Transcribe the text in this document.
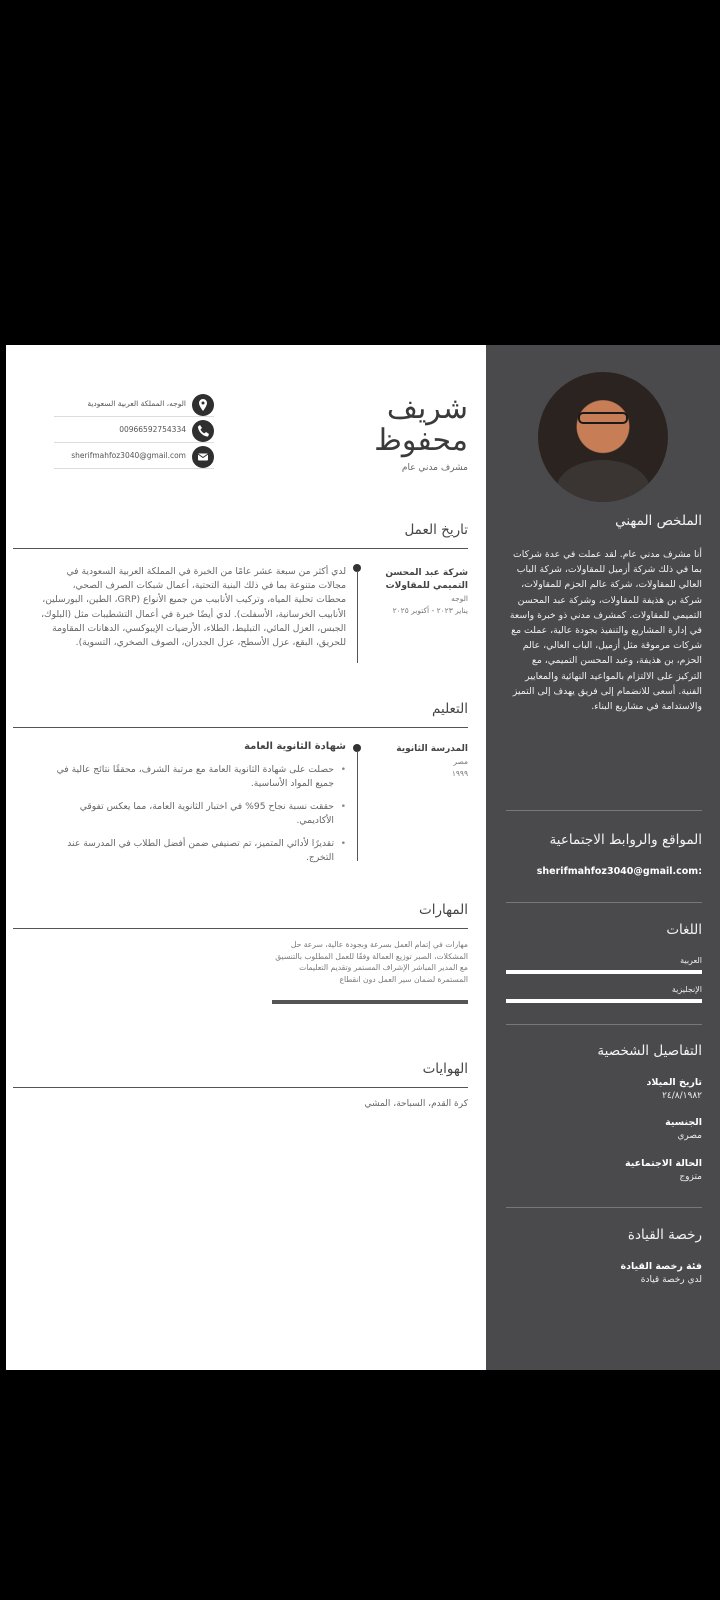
شريف محفوظ
مشرف مدني عام
الوجه، المملكة العربية السعودية
00966592754334
sherifmahfoz3040@gmail.com
تاريخ العمل
شركة عبد المحسن التميمي للمقاولات
الوجه
يناير ٢٠٢٣ - أكتوبر ٢٠٢٥
لدي أكثر من سبعة عشر عامًا من الخبرة في المملكة العربية السعودية في مجالات متنوعة بما في ذلك البنية التحتية، أعمال شبكات الصرف الصحي، محطات تحلية المياه، وتركيب الأنابيب من جميع الأنواع (GRP، الطين، البورسلين، الأنابيب الخرسانية، الأسفلت). لدي أيضًا خبرة في أعمال التشطيبات مثل (البلوك، الجبس، العزل المائي، التبليط، الطلاء، الأرضيات الإيبوكسي، الدهانات المقاومة للحريق، البقع، عزل الأسطح، عزل الجدران، الصوف الصخري، التسوية).
التعليم
المدرسة الثانوية
مصر
١٩٩٩
شهادة الثانوية العامة
• حصلت على شهادة الثانوية العامة مع مرتبة الشرف، محققًا نتائج عالية في جميع المواد الأساسية.
• حققت نسبة نجاح 95% في اختبار الثانوية العامة، مما يعكس تفوقي الأكاديمي.
• تقديرًا لأدائي المتميز، تم تصنيفي ضمن أفضل الطلاب في المدرسة عند التخرج.
المهارات
مهارات في إتمام العمل بسرعة وبجودة عالية، سرعة حل المشكلات، الصبر توزيع العمالة وفقًا للعمل المطلوب بالتنسيق مع المدير المباشر الإشراف المستمر وتقديم التعليمات المستمرة لضمان سير العمل دون انقطاع
الهوايات
كرة القدم، السباحة، المشي
الملخص المهني
أنا مشرف مدني عام. لقد عملت في عدة شركات بما في ذلك شركة أزميل للمقاولات، شركة الباب العالي للمقاولات، شركة عالم الحزم للمقاولات، شركة بن هذيفة للمقاولات، وشركة عبد المحسن التميمي للمقاولات. كمشرف مدني ذو خبرة واسعة في إدارة المشاريع والتنفيذ بجودة عالية، عملت مع شركات مرموقة مثل أزميل، الباب العالي، عالم الحزم، بن هذيفة، وعبد المحسن التميمي، مع التركيز على الالتزام بالمواعيد النهائية والمعايير الفنية. أسعى للانضمام إلى فريق يهدف إلى التميز والاستدامة في مشاريع البناء.
المواقع والروابط الاجتماعية
sherifmahfoz3040@gmail.com:
اللغات
العربية
الإنجليزية
التفاصيل الشخصية
تاريخ الميلاد
٢٤/٨/١٩٨٢
الجنسية
مصري
الحالة الاجتماعية
متزوج
رخصة القيادة
فئة رخصة القيادة
لدي رخصة قيادة
